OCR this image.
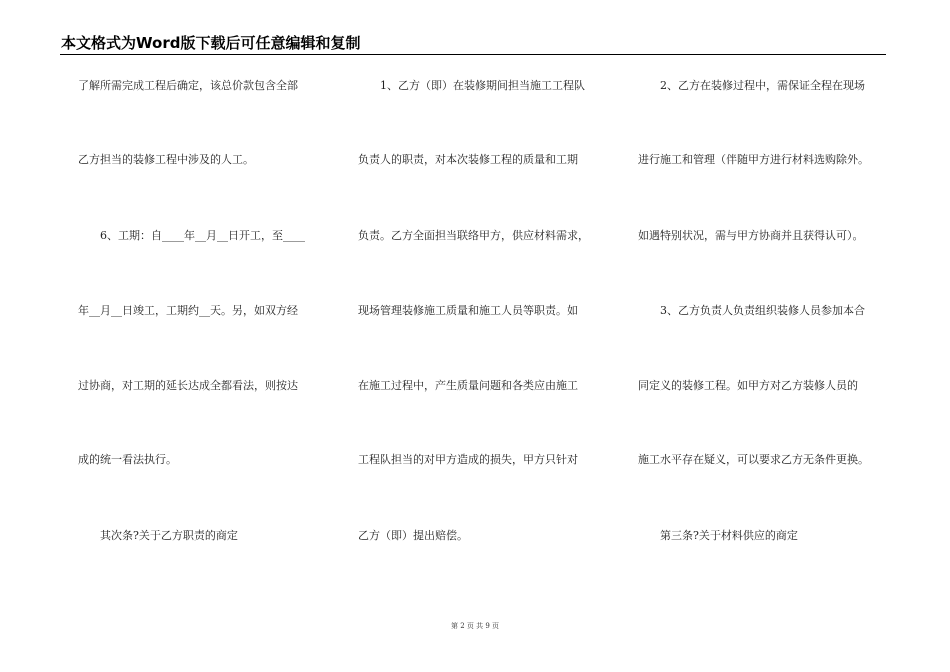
本文格式为Word版下载后可任意编辑和复制
了解所需完成工程后确定，该总价款包含全部
乙方担当的装修工程中涉及的人工。
　　6、工期：自____年__月__日开工，至____
年__月__日竣工，工期约__天。另，如双方经
过协商，对工期的延长达成全都看法，则按达
成的统一看法执行。
　　其次条?关于乙方职责的商定
　　1、乙方（即）在装修期间担当施工工程队
负责人的职责，对本次装修工程的质量和工期
负责。乙方全面担当联络甲方，供应材料需求，
现场管理装修施工质量和施工人员等职责。如
在施工过程中，产生质量问题和各类应由施工
工程队担当的对甲方造成的损失，甲方只针对
乙方（即）提出赔偿。
　　2、乙方在装修过程中，需保证全程在现场
进行施工和管理（伴随甲方进行材料选购除外。
如遇特别状况，需与甲方协商并且获得认可）。
　　3、乙方负责人负责组织装修人员参加本合
同定义的装修工程。如甲方对乙方装修人员的
施工水平存在疑义，可以要求乙方无条件更换。
　　第三条?关于材料供应的商定
第 2 页 共 9 页
